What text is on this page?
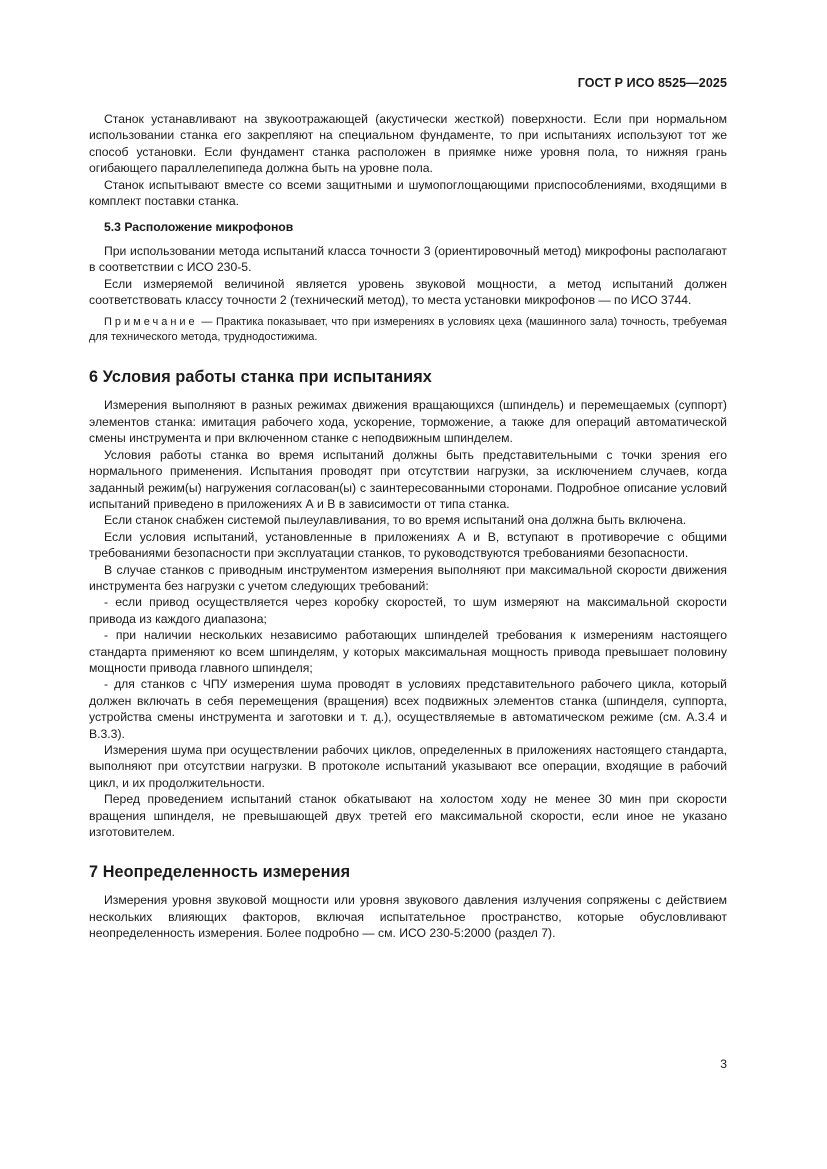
ГОСТ Р ИСО 8525—2025

Станок устанавливают на звукоотражающей (акустически жесткой) поверхности. Если при нормальном использовании станка его закрепляют на специальном фундаменте, то при испытаниях используют тот же способ установки. Если фундамент станка расположен в приямке ниже уровня пола, то нижняя грань огибающего параллелепипеда должна быть на уровне пола.

Станок испытывают вместе со всеми защитными и шумопоглощающими приспособлениями, входящими в комплект поставки станка.

5.3 Расположение микрофонов

При использовании метода испытаний класса точности 3 (ориентировочный метод) микрофоны располагают в соответствии с ИСО 230-5.

Если измеряемой величиной является уровень звуковой мощности, а метод испытаний должен соответствовать классу точности 2 (технический метод), то места установки микрофонов — по ИСО 3744.

Примечание — Практика показывает, что при измерениях в условиях цеха (машинного зала) точность, требуемая для технического метода, труднодостижима.

6 Условия работы станка при испытаниях

Измерения выполняют в разных режимах движения вращающихся (шпиндель) и перемещаемых (суппорт) элементов станка: имитация рабочего хода, ускорение, торможение, а также для операций автоматической смены инструмента и при включенном станке с неподвижным шпинделем.

Условия работы станка во время испытаний должны быть представительными с точки зрения его нормального применения. Испытания проводят при отсутствии нагрузки, за исключением случаев, когда заданный режим(ы) нагружения согласован(ы) с заинтересованными сторонами. Подробное описание условий испытаний приведено в приложениях А и В в зависимости от типа станка.

Если станок снабжен системой пылеулавливания, то во время испытаний она должна быть включена.

Если условия испытаний, установленные в приложениях А и В, вступают в противоречие с общими требованиями безопасности при эксплуатации станков, то руководствуются требованиями безопасности.

В случае станков с приводным инструментом измерения выполняют при максимальной скорости движения инструмента без нагрузки с учетом следующих требований:

- если привод осуществляется через коробку скоростей, то шум измеряют на максимальной скорости привода из каждого диапазона;

- при наличии нескольких независимо работающих шпинделей требования к измерениям настоящего стандарта применяют ко всем шпинделям, у которых максимальная мощность привода превышает половину мощности привода главного шпинделя;

- для станков с ЧПУ измерения шума проводят в условиях представительного рабочего цикла, который должен включать в себя перемещения (вращения) всех подвижных элементов станка (шпинделя, суппорта, устройства смены инструмента и заготовки и т. д.), осуществляемые в автоматическом режиме (см. А.3.4 и В.3.3).

Измерения шума при осуществлении рабочих циклов, определенных в приложениях настоящего стандарта, выполняют при отсутствии нагрузки. В протоколе испытаний указывают все операции, входящие в рабочий цикл, и их продолжительности.

Перед проведением испытаний станок обкатывают на холостом ходу не менее 30 мин при скорости вращения шпинделя, не превышающей двух третей его максимальной скорости, если иное не указано изготовителем.

7 Неопределенность измерения

Измерения уровня звуковой мощности или уровня звукового давления излучения сопряжены с действием нескольких влияющих факторов, включая испытательное пространство, которые обусловливают неопределенность измерения. Более подробно — см. ИСО 230-5:2000 (раздел 7).

3
